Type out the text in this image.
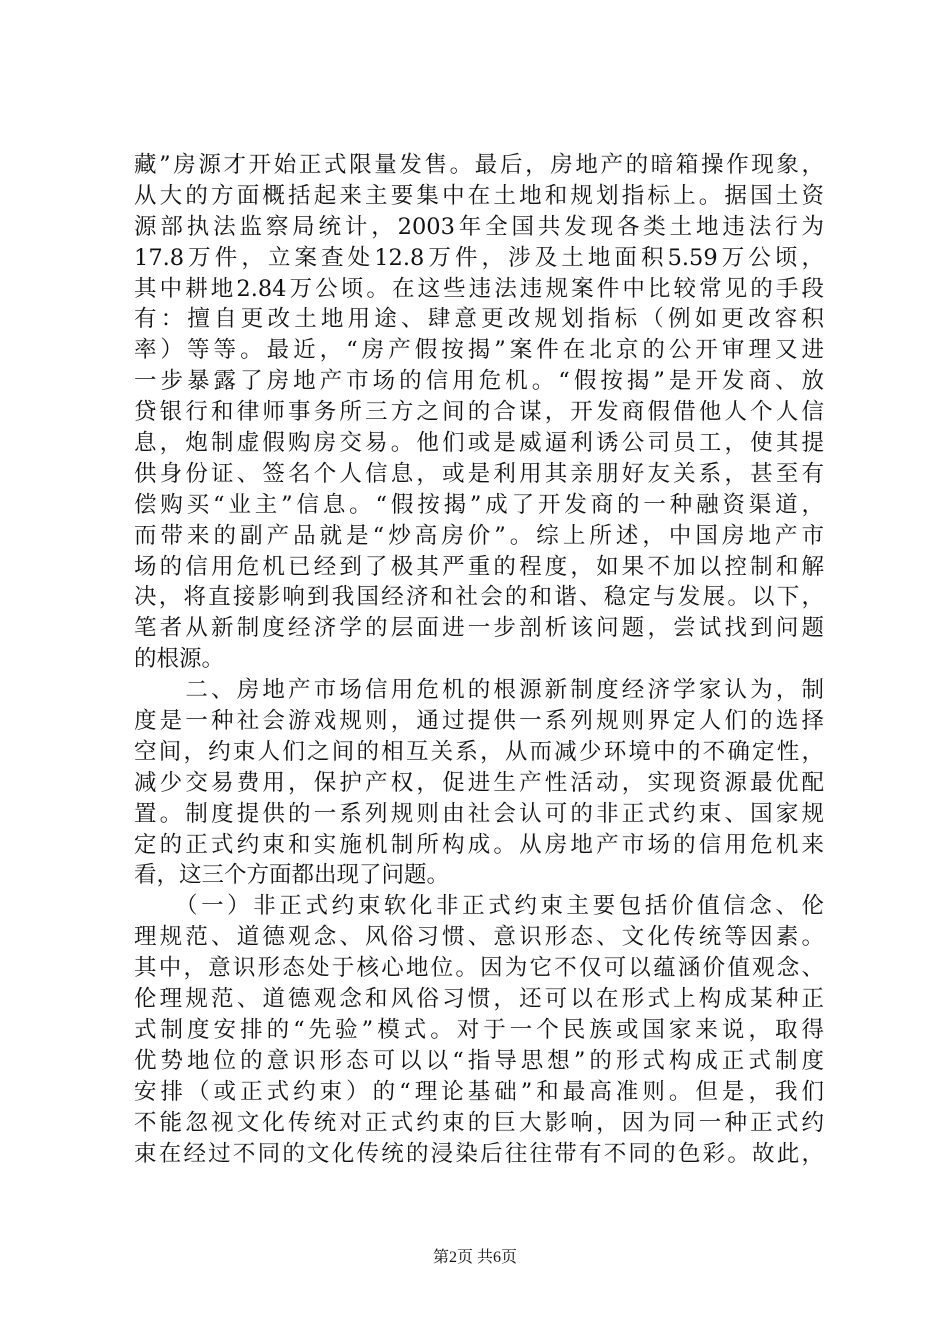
藏”房源才开始正式限量发售。最后，房地产的暗箱操作现象，
从大的方面概括起来主要集中在土地和规划指标上。据国土资
源部执法监察局统计，2003年全国共发现各类土地违法行为
17.8万件，立案查处12.8万件，涉及土地面积5.59万公顷，
其中耕地2.84万公顷。在这些违法违规案件中比较常见的手段
有：擅自更改土地用途、肆意更改规划指标（例如更改容积
率）等等。最近，“房产假按揭”案件在北京的公开审理又进
一步暴露了房地产市场的信用危机。“假按揭”是开发商、放
贷银行和律师事务所三方之间的合谋，开发商假借他人个人信
息，炮制虚假购房交易。他们或是威逼利诱公司员工，使其提
供身份证、签名个人信息，或是利用其亲朋好友关系，甚至有
偿购买“业主”信息。“假按揭”成了开发商的一种融资渠道，
而带来的副产品就是“炒高房价”。综上所述，中国房地产市
场的信用危机已经到了极其严重的程度，如果不加以控制和解
决，将直接影响到我国经济和社会的和谐、稳定与发展。以下，
笔者从新制度经济学的层面进一步剖析该问题，尝试找到问题
的根源。
　　二、房地产市场信用危机的根源新制度经济学家认为，制
度是一种社会游戏规则，通过提供一系列规则界定人们的选择
空间，约束人们之间的相互关系，从而减少环境中的不确定性，
减少交易费用，保护产权，促进生产性活动，实现资源最优配
置。制度提供的一系列规则由社会认可的非正式约束、国家规
定的正式约束和实施机制所构成。从房地产市场的信用危机来
看，这三个方面都出现了问题。
　　（一）非正式约束软化非正式约束主要包括价值信念、伦
理规范、道德观念、风俗习惯、意识形态、文化传统等因素。
其中，意识形态处于核心地位。因为它不仅可以蕴涵价值观念、
伦理规范、道德观念和风俗习惯，还可以在形式上构成某种正
式制度安排的“先验”模式。对于一个民族或国家来说，取得
优势地位的意识形态可以以“指导思想”的形式构成正式制度
安排（或正式约束）的“理论基础”和最高准则。但是，我们
不能忽视文化传统对正式约束的巨大影响，因为同一种正式约
束在经过不同的文化传统的浸染后往往带有不同的色彩。故此，
第2页 共6页
